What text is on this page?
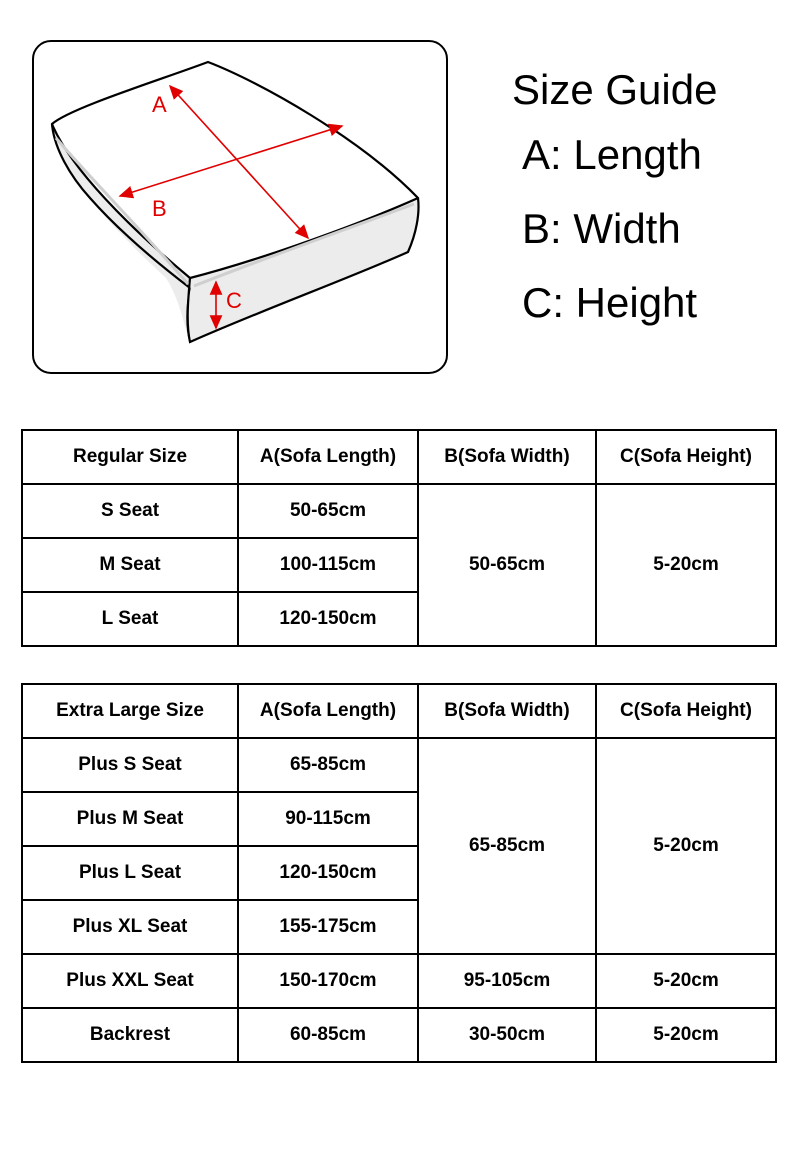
A
B
C
Size Guide
A: Length
B: Width
C: Height
Regular Size	A(Sofa Length)	B(Sofa Width)	C(Sofa Height)
S Seat	50-65cm	50-65cm	5-20cm
M Seat	100-115cm		
L Seat	120-150cm		
Extra Large Size	A(Sofa Length)	B(Sofa Width)	C(Sofa Height)
Plus S Seat	65-85cm	65-85cm	5-20cm
Plus M Seat	90-115cm		
Plus L Seat	120-150cm		
Plus XL Seat	155-175cm		
Plus XXL Seat	150-170cm	95-105cm	5-20cm
Backrest	60-85cm	30-50cm	5-20cm
